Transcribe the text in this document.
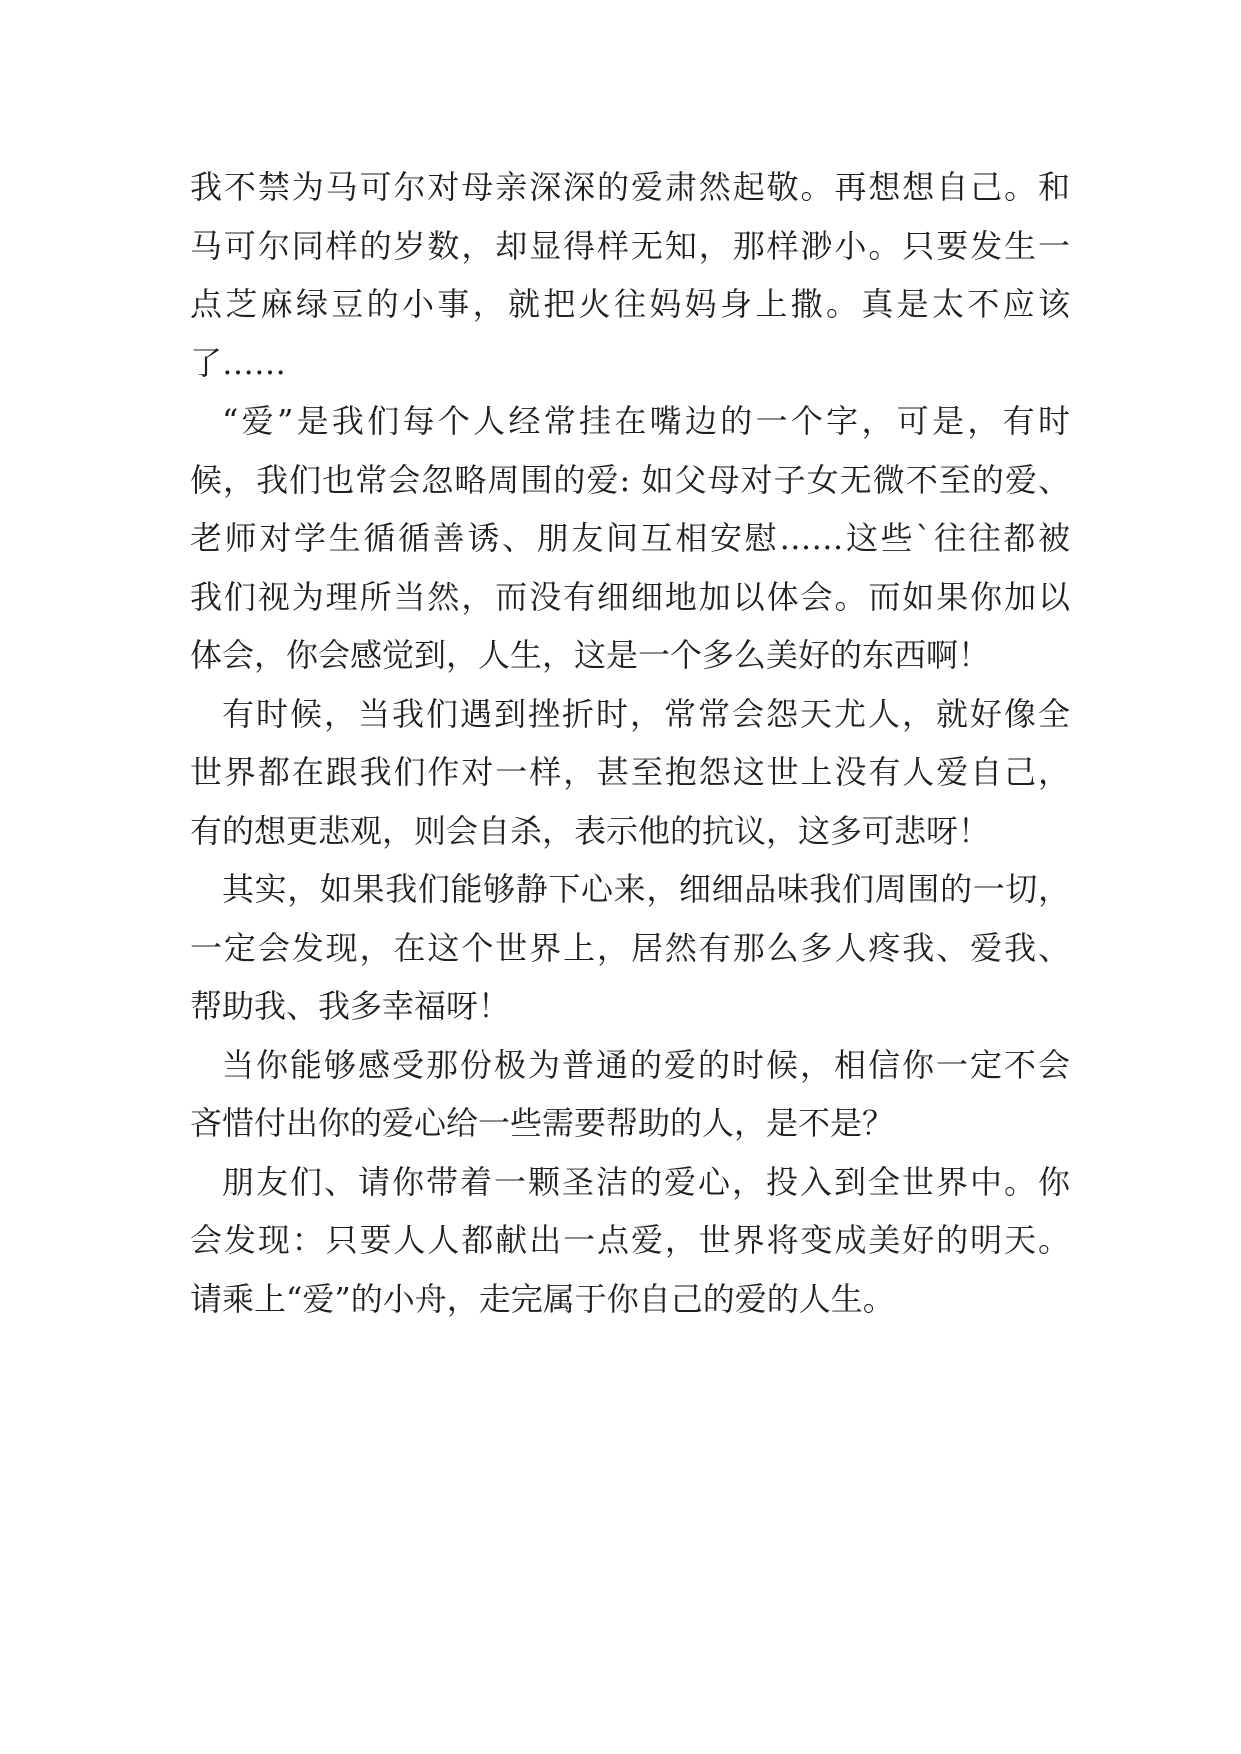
我不禁为马可尔对母亲深深的爱肃然起敬。再想想自己。和
马可尔同样的岁数，却显得样无知，那样渺小。只要发生一
点芝麻绿豆的小事，就把火往妈妈身上撒。真是太不应该
了……
“爱”是我们每个人经常挂在嘴边的一个字，可是，有时
候，我们也常会忽略周围的爱: 如父母对子女无微不至的爱、
老师对学生循循善诱、朋友间互相安慰……这些`往往都被
我们视为理所当然，而没有细细地加以体会。而如果你加以
体会，你会感觉到，人生，这是一个多么美好的东西啊！
有时候，当我们遇到挫折时，常常会怨天尤人，就好像全
世界都在跟我们作对一样，甚至抱怨这世上没有人爱自己，
有的想更悲观，则会自杀，表示他的抗议，这多可悲呀！
其实，如果我们能够静下心来，细细品味我们周围的一切，
一定会发现，在这个世界上，居然有那么多人疼我、爱我、
帮助我、我多幸福呀！
当你能够感受那份极为普通的爱的时候，相信你一定不会
吝惜付出你的爱心给一些需要帮助的人，是不是？
朋友们、请你带着一颗圣洁的爱心，投入到全世界中。你
会发现：只要人人都献出一点爱，世界将变成美好的明天。
请乘上“爱”的小舟，走完属于你自己的爱的人生。
